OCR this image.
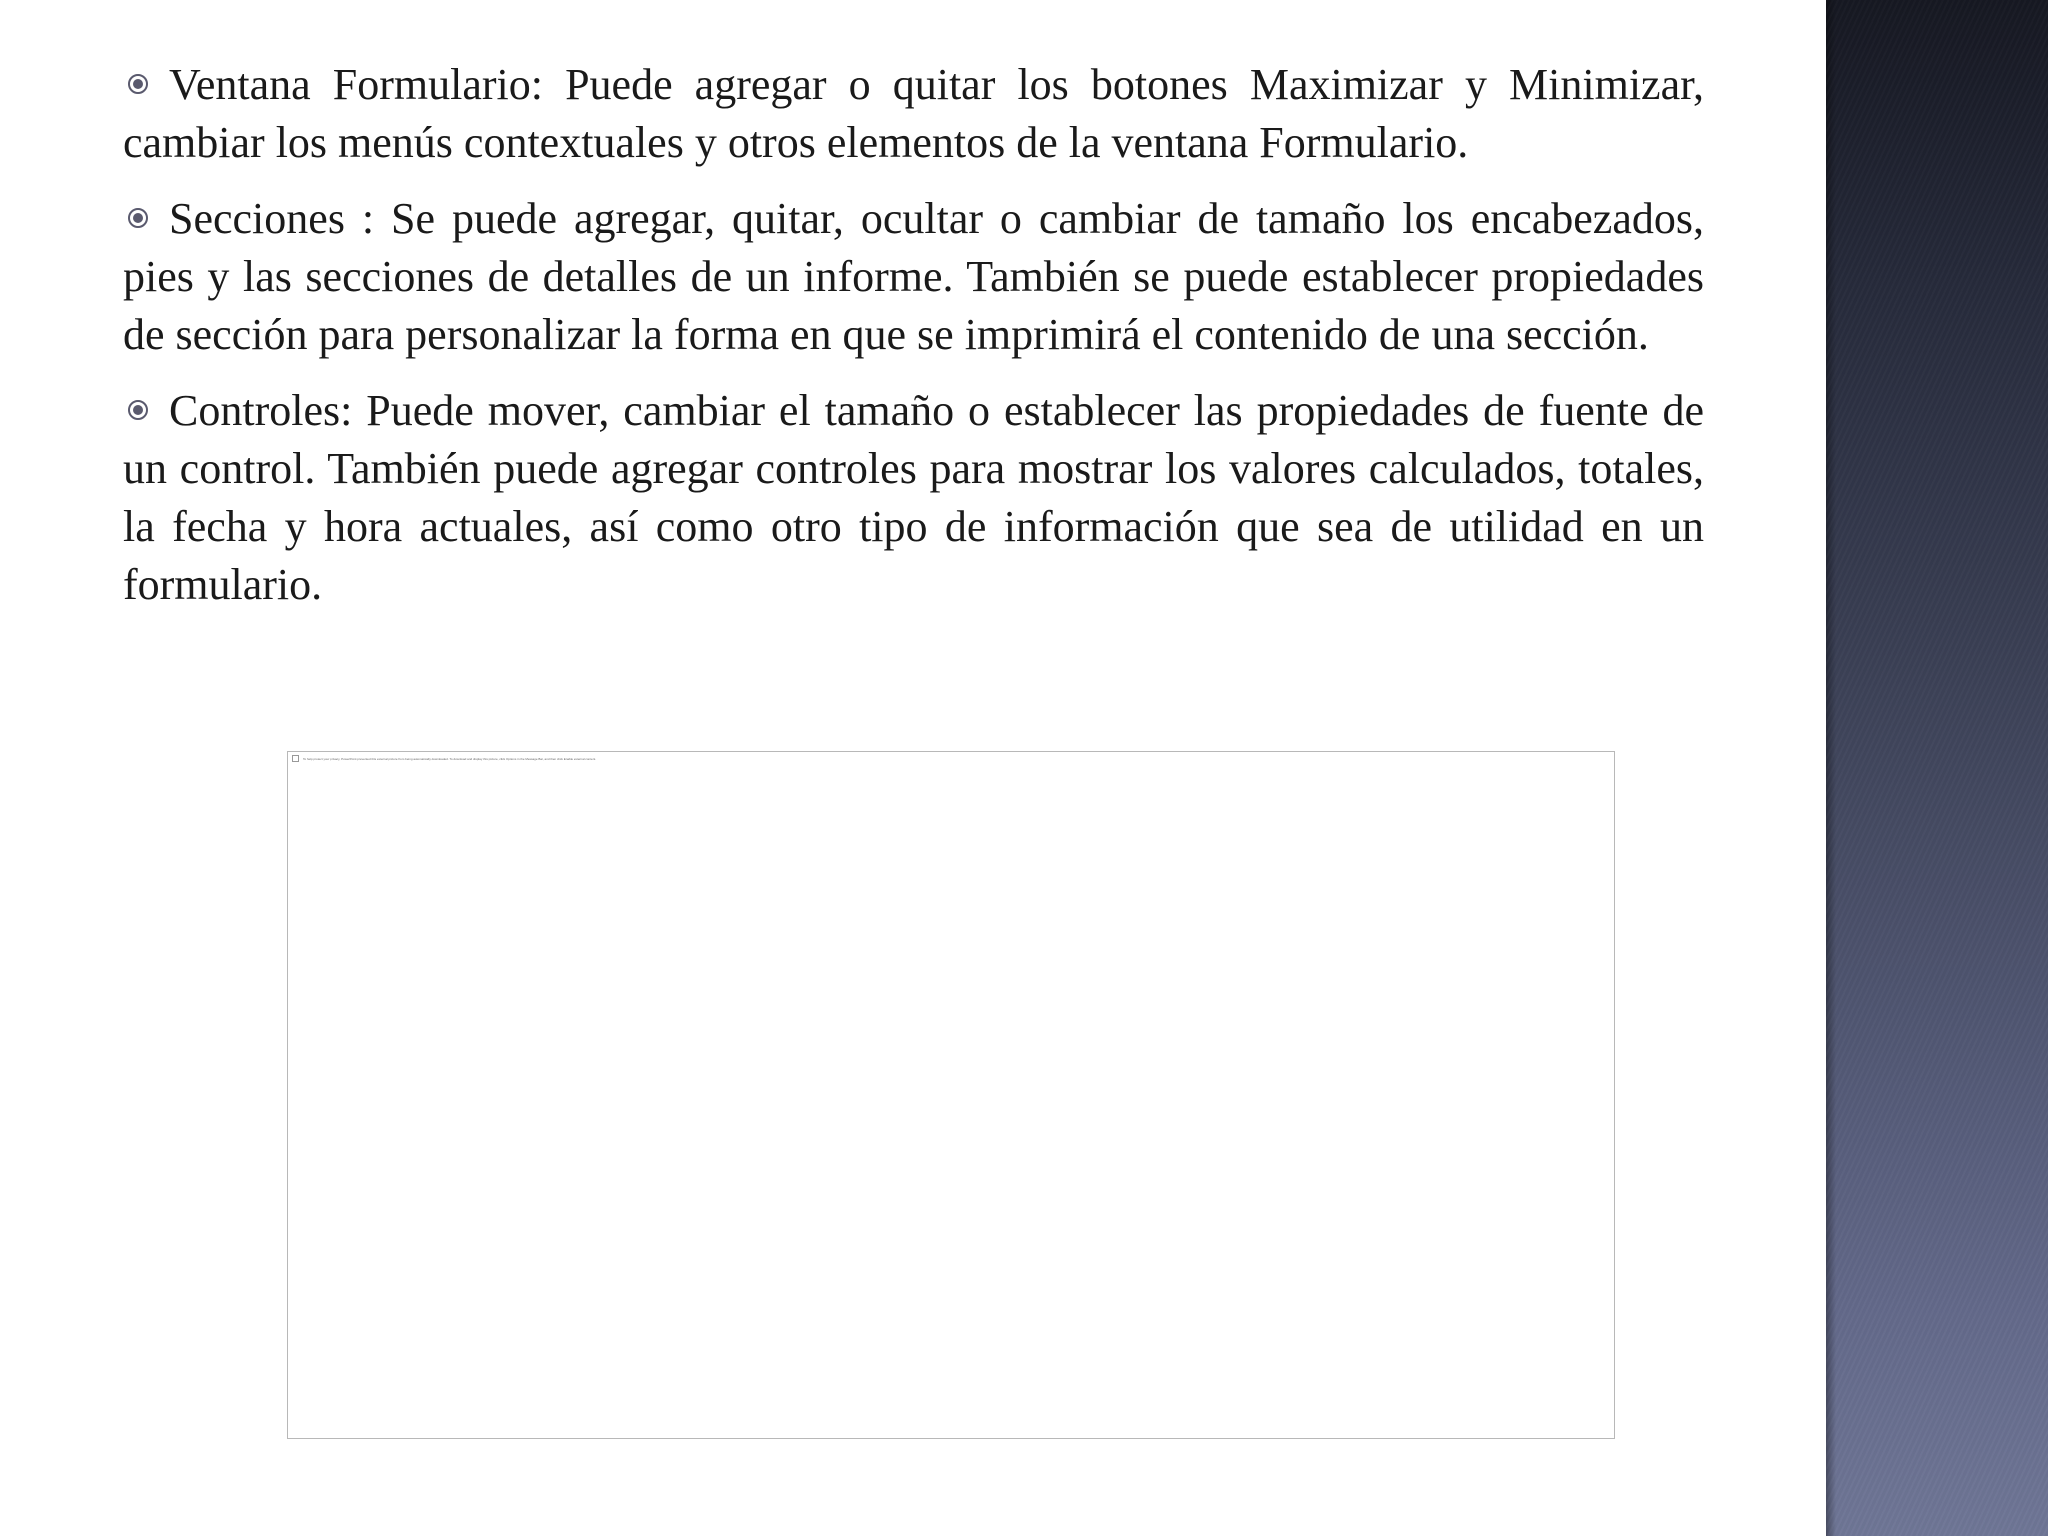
Ventana Formulario: Puede agregar o quitar los botones Maximizar y Minimizar, cambiar los menús contextuales y otros elementos de la ventana Formulario.

Secciones : Se puede agregar, quitar, ocultar o cambiar de tamaño los encabezados, pies y las secciones de detalles de un informe. También se puede establecer propiedades de sección para personalizar la forma en que se imprimirá el contenido de una sección.

Controles: Puede mover, cambiar el tamaño o establecer las propiedades de fuente de un control. También puede agregar controles para mostrar los valores calculados, totales, la fecha y hora actuales, así como otro tipo de información que sea de utilidad en un formulario.

To help protect your privacy, PowerPoint prevented this external picture from being automatically downloaded. To download and display this picture, click Options in the Message Bar, and then click Enable external content.
